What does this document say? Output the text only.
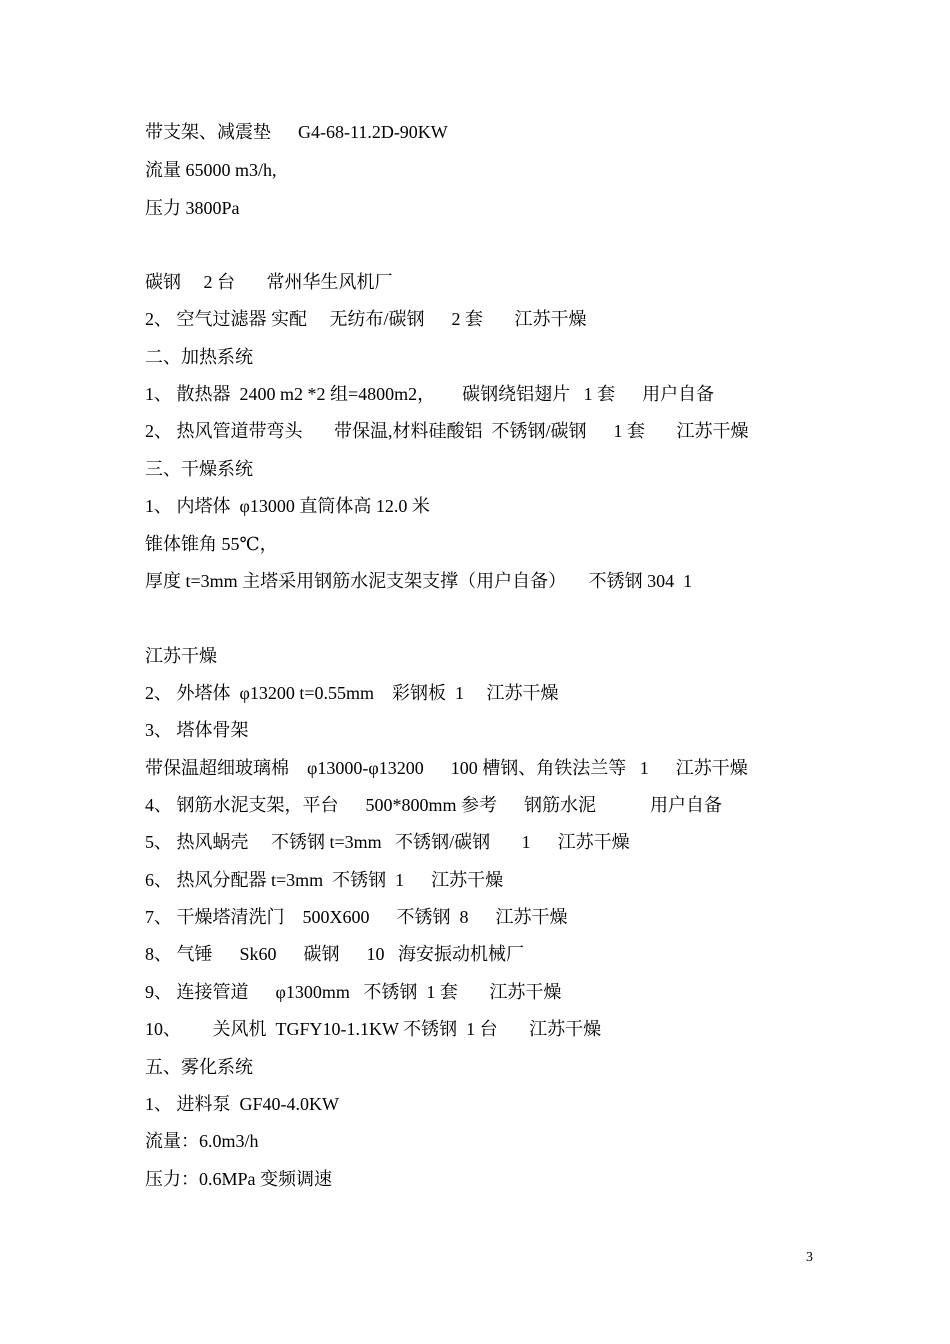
带支架、减震垫      G4-68-11.2D-90KW
流量 65000 m3/h,
压力 3800Pa
碳钢     2 台       常州华生风机厂
2、 空气过滤器 实配     无纺布/碳钢      2 套       江苏干燥
二、加热系统
1、 散热器  2400 m2 *2 组=4800m2，      碳钢绕铝翅片   1 套      用户自备
2、 热风管道带弯头       带保温,材料硅酸铝  不锈钢/碳钢      1 套       江苏干燥
三、干燥系统
1、 内塔体  φ13000 直筒体高 12.0 米
锥体锥角 55℃，
厚度 t=3mm 主塔采用钢筋水泥支架支撑（用户自备）     不锈钢 304  1
江苏干燥
2、 外塔体  φ13200 t=0.55mm    彩钢板  1     江苏干燥
3、 塔体骨架
带保温超细玻璃棉    φ13000-φ13200      100 槽钢、角铁法兰等   1      江苏干燥
4、 钢筋水泥支架，平台      500*800mm 参考      钢筋水泥            用户自备
5、 热风蜗壳     不锈钢 t=3mm   不锈钢/碳钢       1      江苏干燥
6、 热风分配器 t=3mm  不锈钢  1      江苏干燥
7、 干燥塔清洗门    500X600      不锈钢  8      江苏干燥
8、 气锤      Sk60      碳钢      10   海安振动机械厂
9、 连接管道      φ1300mm   不锈钢  1 套       江苏干燥
10、       关风机  TGFY10-1.1KW 不锈钢  1 台       江苏干燥
五、雾化系统
1、 进料泵  GF40-4.0KW
流量：6.0m3/h
压力：0.6MPa 变频调速
3
